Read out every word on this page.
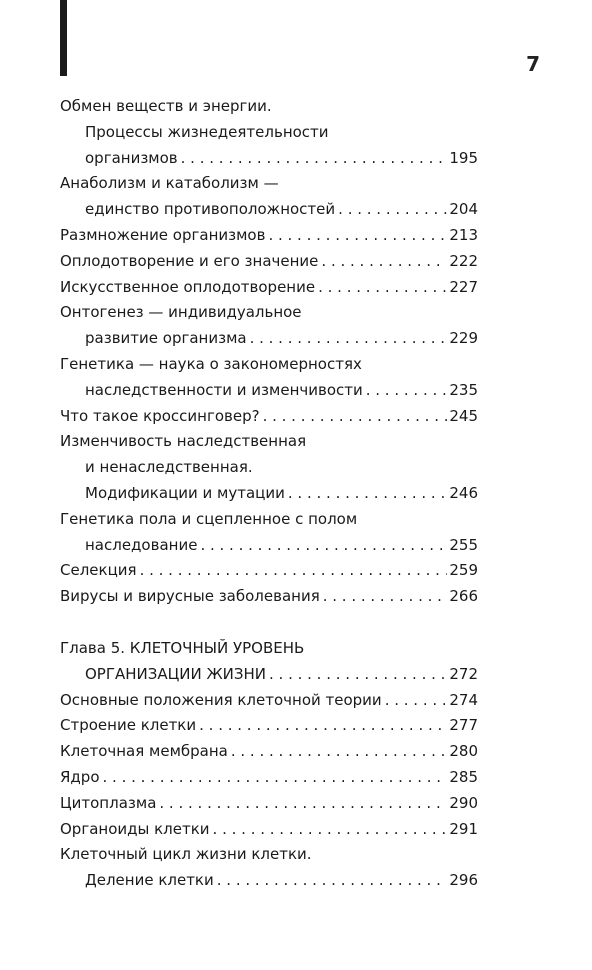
7
Обмен веществ и энергии.
Процессы жизнедеятельности
организмов . . .	195
Анаболизм и катаболизм —
единство противоположностей . . .	204
Размножение организмов . . .	213
Оплодотворение и его значение . . .	222
Искусственное оплодотворение . . .	227
Онтогенез — индивидуальное
развитие организма . . .	229
Генетика — наука о закономерностях
наследственности и изменчивости . . .	235
Что такое кроссинговер? . . .	245
Изменчивость наследственная
и ненаследственная.
Модификации и мутации . . .	246
Генетика пола и сцепленное с полом
наследование . . .	255
Селекция . . .	259
Вирусы и вирусные заболевания . . .	266
Глава 5. КЛЕТОЧНЫЙ УРОВЕНЬ
ОРГАНИЗАЦИИ ЖИЗНИ . . .	272
Основные положения клеточной теории . . .	274
Строение клетки . . .	277
Клеточная мембрана . . .	280
Ядро . . .	285
Цитоплазма . . .	290
Органоиды клетки . . .	291
Клеточный цикл жизни клетки.
Деление клетки . . .	296
